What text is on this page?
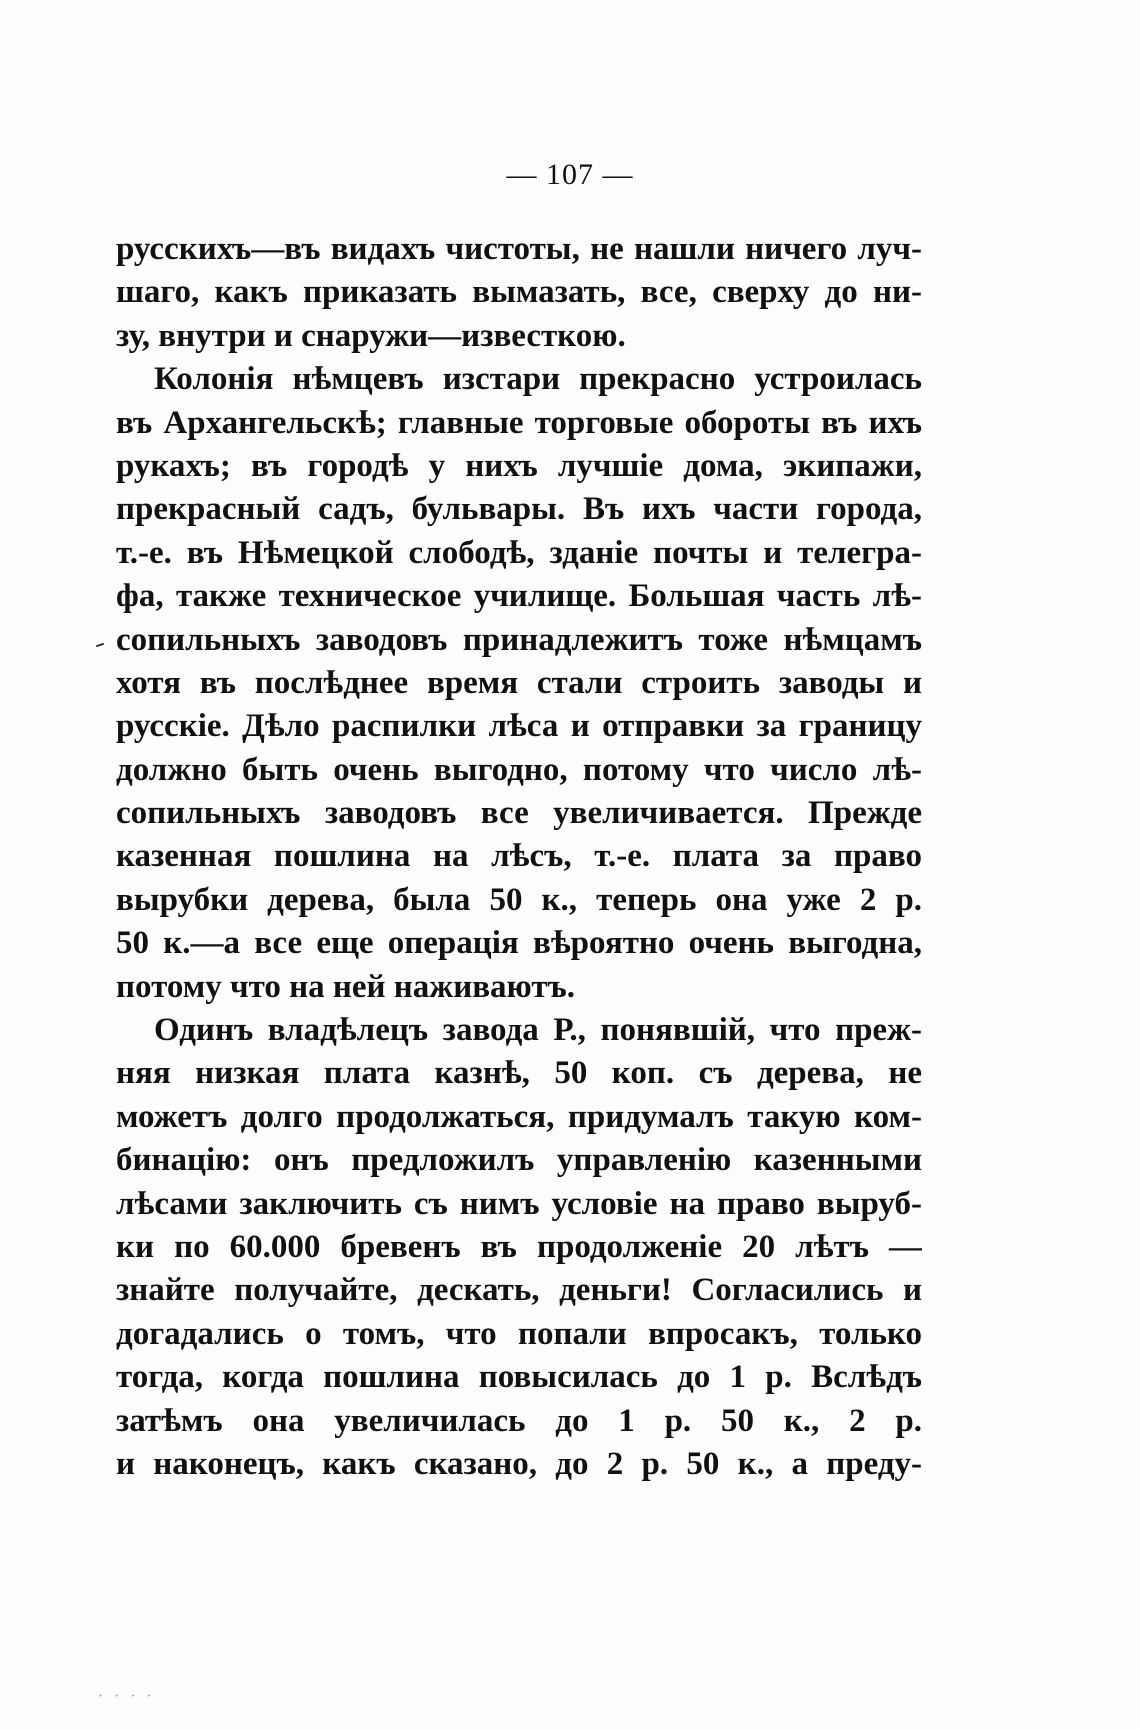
— 107 —
русскихъ—въ видахъ чистоты, не нашли ничего луч-
шаго, какъ приказать вымазать, все, сверху до ни-
зу, внутри и снаружи—известкою.
Колонія нѣмцевъ изстари прекрасно устроилась
въ Архангельскѣ; главные торговые обороты въ ихъ
рукахъ; въ городѣ у нихъ лучшіе дома, экипажи,
прекрасный садъ, бульвары. Въ ихъ части города,
т.-е. въ Нѣмецкой слободѣ, зданіе почты и телегра-
фа, также техническое училище. Большая часть лѣ-
сопильныхъ заводовъ принадлежитъ тоже нѣмцамъ
хотя въ послѣднее время стали строить заводы и
русскіе. Дѣло распилки лѣса и отправки за границу
должно быть очень выгодно, потому что число лѣ-
сопильныхъ заводовъ все увеличивается. Прежде
казенная пошлина на лѣсъ, т.-е. плата за право
вырубки дерева, была 50 к., теперь она уже 2 р.
50 к.—а все еще операція вѣроятно очень выгодна,
потому что на ней наживаютъ.
Одинъ владѣлецъ завода Р., понявшій, что преж-
няя низкая плата казнѣ, 50 коп. съ дерева, не
можетъ долго продолжаться, придумалъ такую ком-
бинацію: онъ предложилъ управленію казенными
лѣсами заключить съ нимъ условіе на право выруб-
ки по 60.000 бревенъ въ продолженіе 20 лѣтъ —
знайте получайте, дескать, деньги! Согласились и
догадались о томъ, что попали впросакъ, только
тогда, когда пошлина повысилась до 1 р. Вслѣдъ
затѣмъ она увеличилась до 1 р. 50 к., 2 р.
и наконецъ, какъ сказано, до 2 р. 50 к., а преду-
· · · ·
